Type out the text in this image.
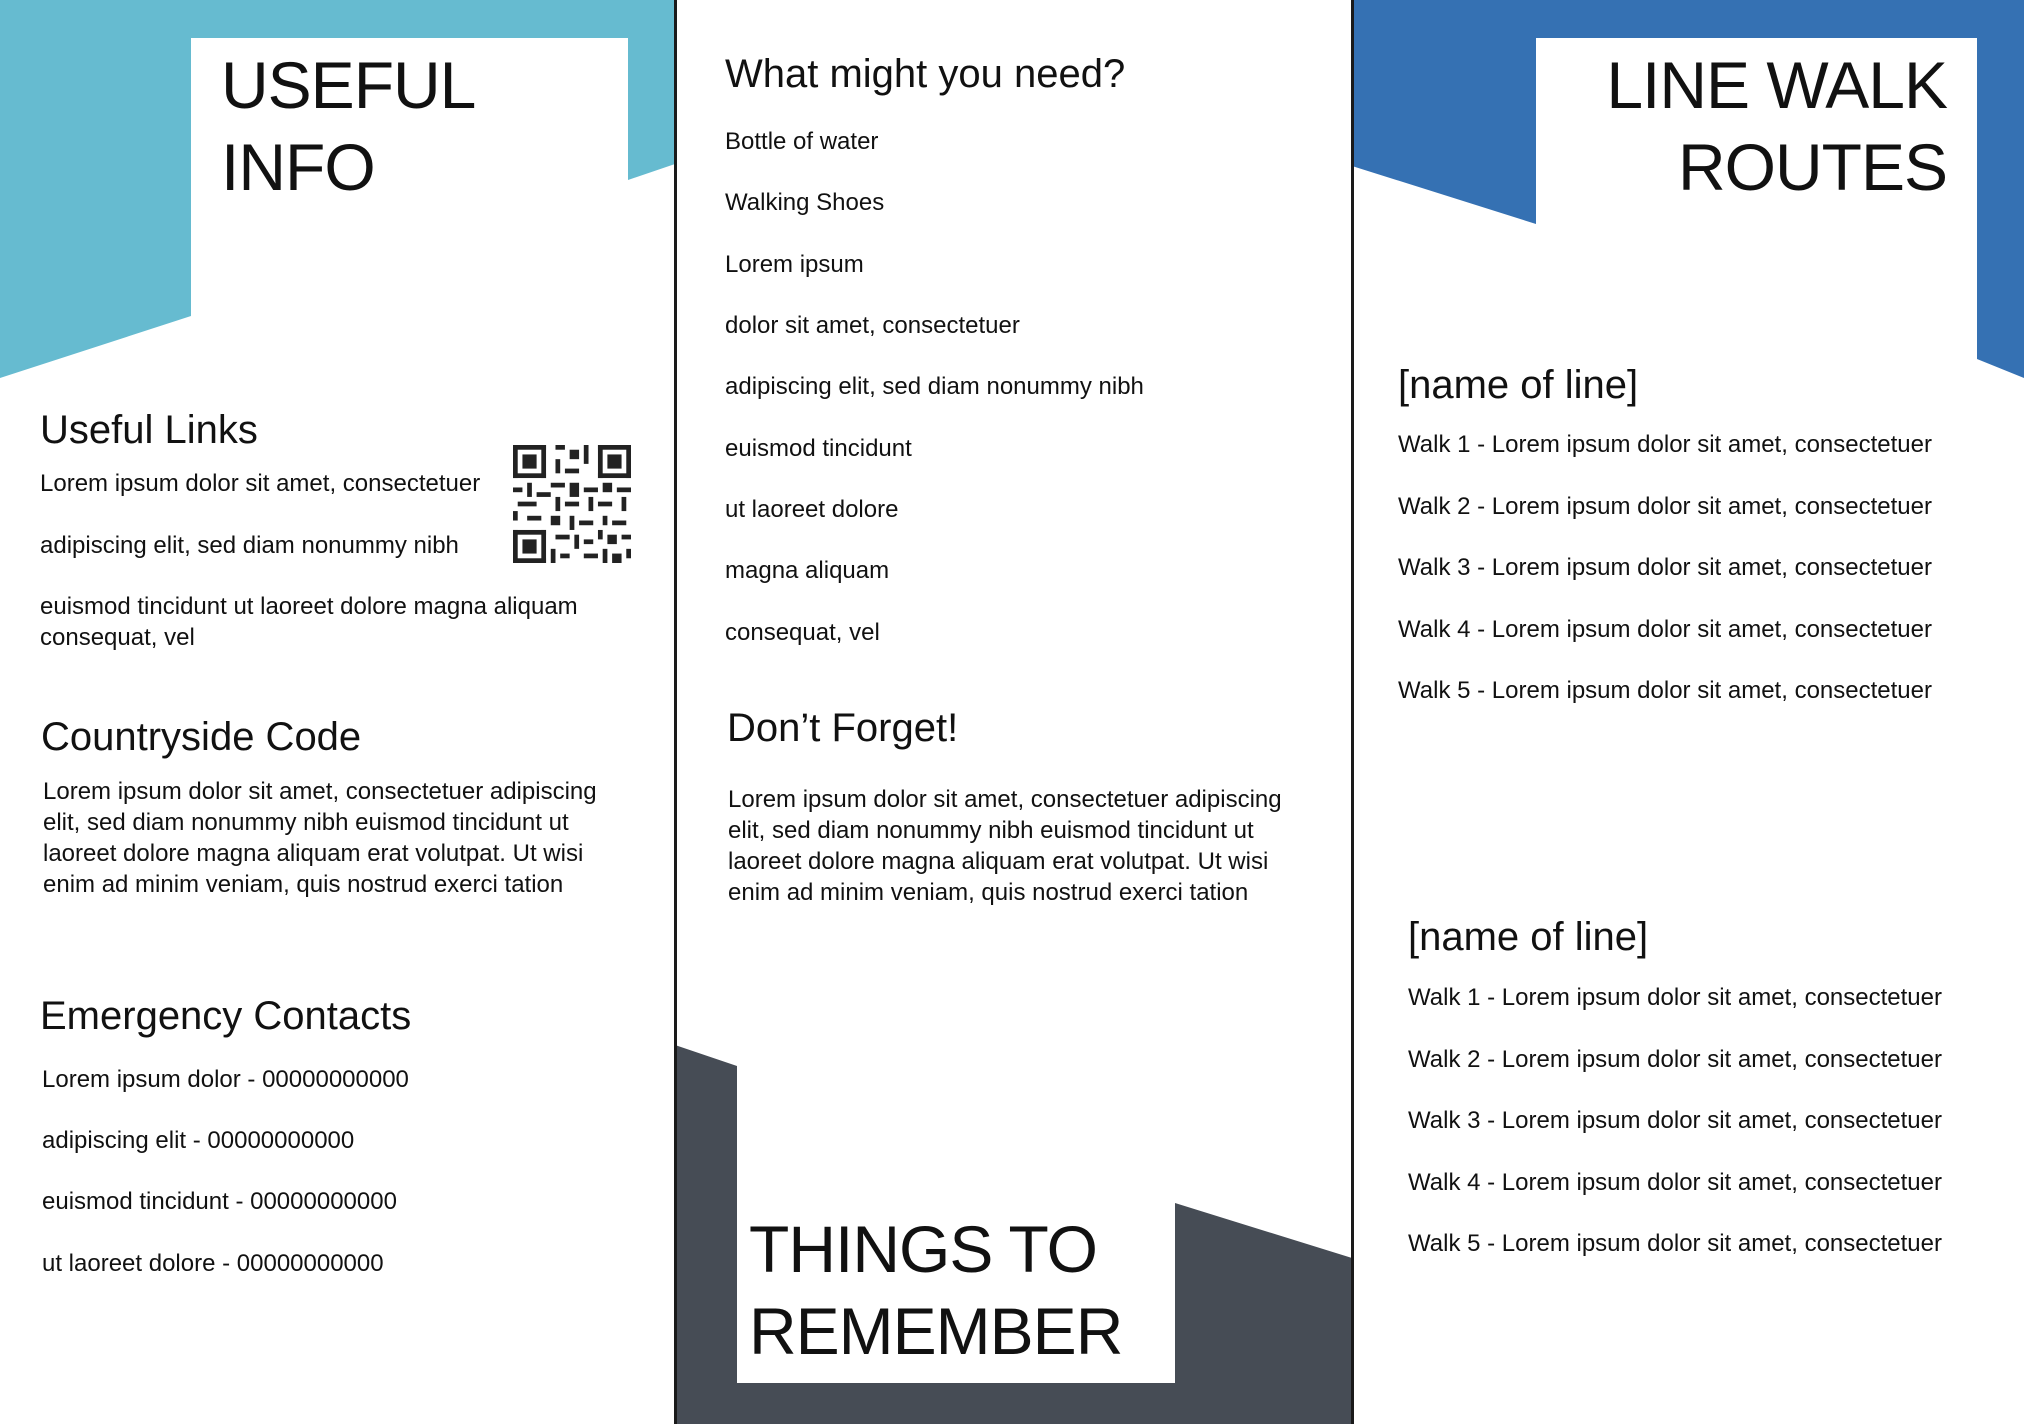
USEFUL
INFO
Useful Links
Lorem ipsum dolor sit amet, consectetuer
adipiscing elit, sed diam nonummy nibh
euismod tincidunt ut laoreet dolore magna aliquam
consequat, vel
Countryside Code
Lorem ipsum dolor sit amet, consectetuer adipiscing elit, sed diam nonummy nibh euismod tincidunt ut laoreet dolore magna aliquam erat volutpat. Ut wisi enim ad minim veniam, quis nostrud exerci tation
Emergency Contacts
Lorem ipsum dolor - 00000000000
adipiscing elit - 00000000000
euismod tincidunt - 00000000000
ut laoreet dolore - 00000000000
What might you need?
Bottle of water
Walking Shoes
Lorem ipsum
dolor sit amet, consectetuer
adipiscing elit, sed diam nonummy nibh
euismod tincidunt
ut laoreet dolore
magna aliquam
consequat, vel
Don’t Forget!
Lorem ipsum dolor sit amet, consectetuer adipiscing elit, sed diam nonummy nibh euismod tincidunt ut laoreet dolore magna aliquam erat volutpat. Ut wisi enim ad minim veniam, quis nostrud exerci tation
THINGS TO
REMEMBER
LINE WALK
ROUTES
[name of line]
Walk 1 - Lorem ipsum dolor sit amet, consectetuer
Walk 2 - Lorem ipsum dolor sit amet, consectetuer
Walk 3 - Lorem ipsum dolor sit amet, consectetuer
Walk 4 - Lorem ipsum dolor sit amet, consectetuer
Walk 5 - Lorem ipsum dolor sit amet, consectetuer
[name of line]
Walk 1 - Lorem ipsum dolor sit amet, consectetuer
Walk 2 - Lorem ipsum dolor sit amet, consectetuer
Walk 3 - Lorem ipsum dolor sit amet, consectetuer
Walk 4 - Lorem ipsum dolor sit amet, consectetuer
Walk 5 - Lorem ipsum dolor sit amet, consectetuer
